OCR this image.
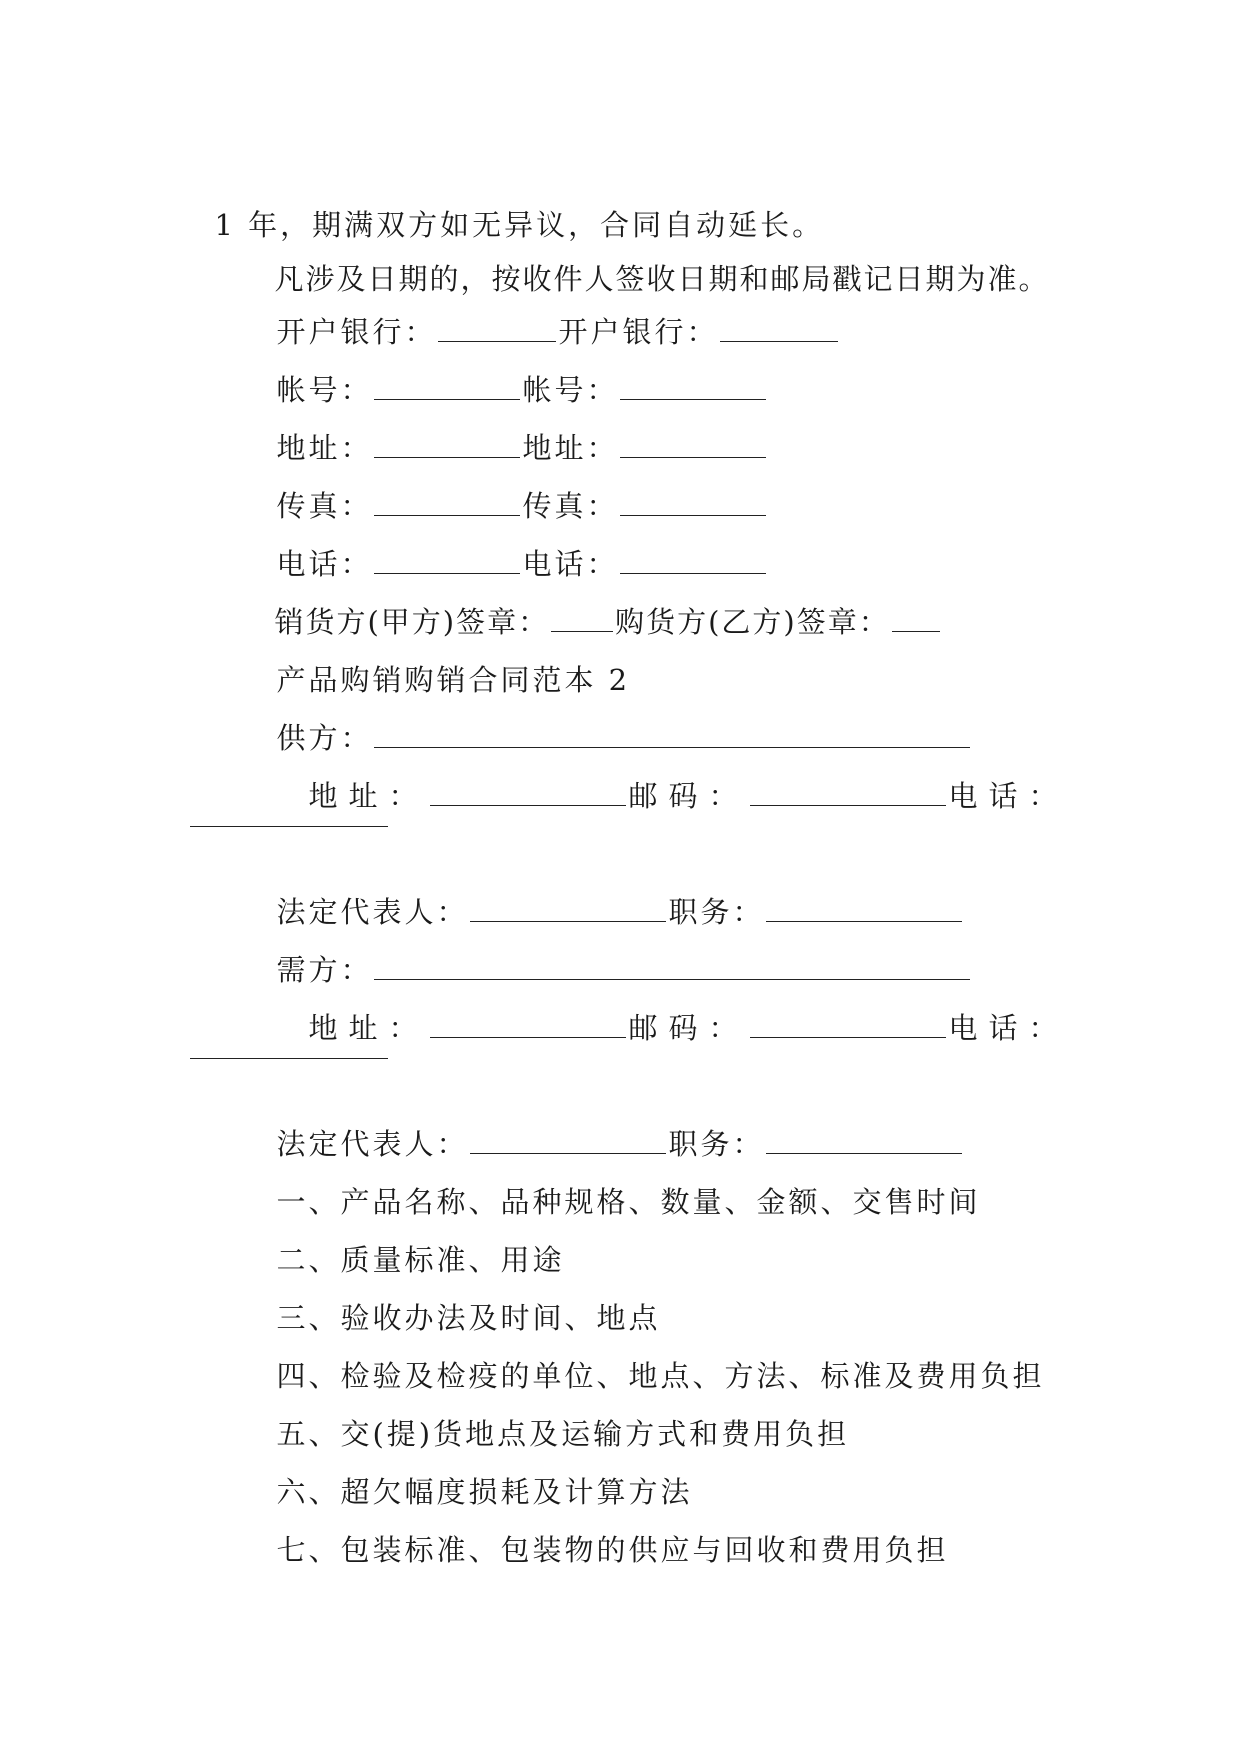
1 年，期满双方如无异议，合同自动延长。

凡涉及日期的，按收件人签收日期和邮局戳记日期为准。

开户银行：	开户银行：

帐号：	帐号：

地址：	地址：

传真：	传真：

电话：	电话：

销货方(甲方)签章： 购货方(乙方)签章：

产品购销购销合同范本 2

供方：

地址：	邮码：	电话：

法定代表人：	职务：

需方：

地址：	邮码：	电话：

法定代表人：	职务：

一、产品名称、品种规格、数量、金额、交售时间

二、质量标准、用途

三、验收办法及时间、地点

四、检验及检疫的单位、地点、方法、标准及费用负担

五、交(提)货地点及运输方式和费用负担

六、超欠幅度损耗及计算方法

七、包装标准、包装物的供应与回收和费用负担
